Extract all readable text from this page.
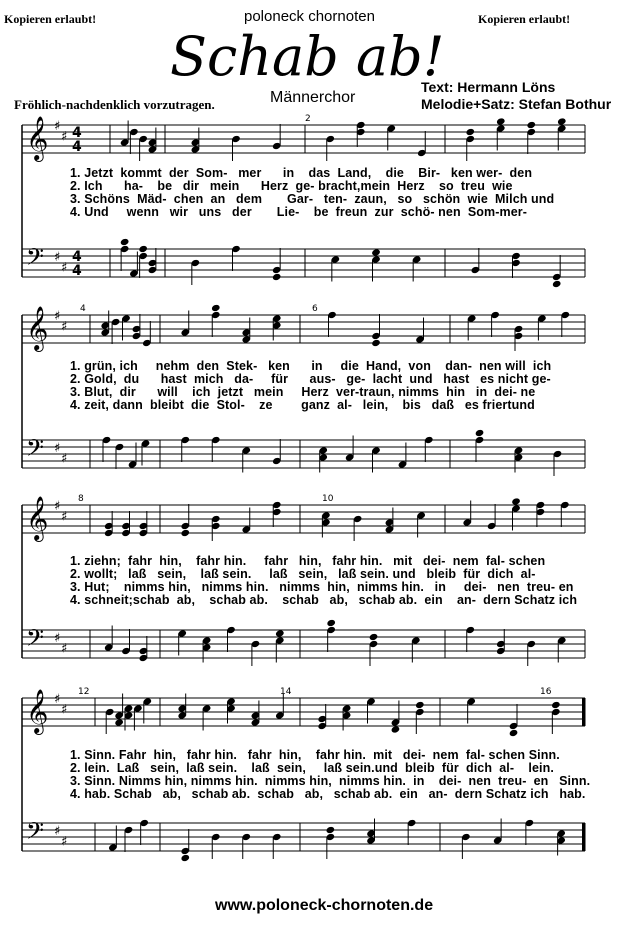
Kopieren erlaubt!	poloneck chornoten	Kopieren erlaubt!
Schab ab!
Männerchor
Fröhlich-nachdenklich vorzutragen.
Text: Hermann Löns
Melodie+Satz: Stefan Bothur
𝄞 ♯
♯ 4
4
𝄢 ♯
♯
4
4
2
1. Jetzt  kommt  der  Som-   mer      in    das  Land,    die    Bir-   ken wer-  den
2. Ich      ha-    be   dir   mein      Herz  ge- bracht,mein  Herz    so  treu  wie
3. Schöns  Mäd-  chen  an   dem       Gar-   ten-  zaun,   so   schön  wie  Milch und
4. Und     wenn   wir   uns   der       Lie-    be  freun  zur  schö- nen  Som-mer-
𝄞 ♯
♯
𝄢 ♯
♯
4	6
1. grün, ich     nehm  den  Stek-   ken      in     die  Hand,  von    dan-  nen will  ich
2. Gold,  du      hast  mich   da-     für      aus-   ge-  lacht  und   hast   es nicht ge-
3. Blut,  dir      will    ich  jetzt   mein     Herz  ver-traun, nimms  hin   in  dei- ne
4. zeit, dann  bleibt  die  Stol-    ze        ganz  al-   lein,    bis   daß   es friertund
𝄞 ♯
♯
𝄢 ♯
♯
8	10
1. ziehn;  fahr  hin,    fahr hin.     fahr   hin,   fahr hin.   mit   dei-  nem  fal- schen
2. wollt;   laß   sein,    laß sein.     laß   sein,   laß sein. und   bleib  für  dich  al-
3. Hut;    nimms hin,   nimms hin.   nimms  hin,  nimms hin.   in     dei-   nen  treu- en
4. schneit;schab  ab,    schab ab.    schab   ab,   schab ab.  ein    an-  dern Schatz ich
𝄞 ♯
♯
𝄢 ♯
♯
12	14	16
1. Sinn. Fahr  hin,   fahr hin.   fahr  hin,    fahr hin.  mit   dei-  nem  fal- schen Sinn.
2. lein.  Laß   sein,  laß sein.    laß  sein,     laß sein.und  bleib  für  dich  al-    lein.
3. Sinn. Nimms hin, nimms hin.  nimms hin,  nimms hin.  in    dei-  nen  treu-  en   Sinn.
4. hab. Schab   ab,   schab ab.  schab   ab,   schab ab.  ein   an-  dern Schatz ich   hab.
www.poloneck-chornoten.de
